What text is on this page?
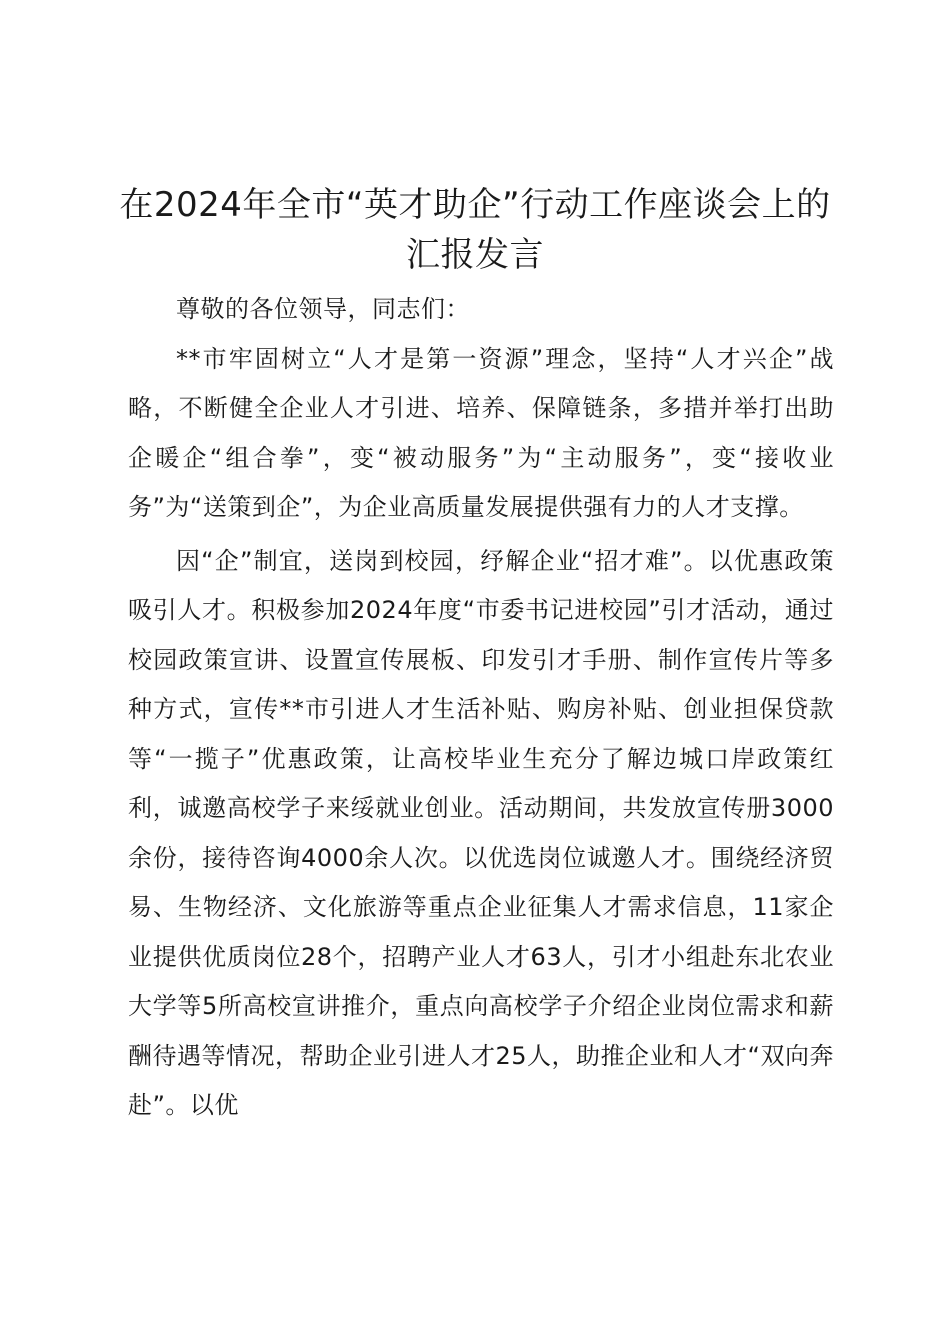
在2024年全市“英才助企”行动工作座谈会上的汇报发言

尊敬的各位领导，同志们：

**市牢固树立“人才是第一资源”理念，坚持“人才兴企”战略，不断健全企业人才引进、培养、保障链条，多措并举打出助企暖企“组合拳”，变“被动服务”为“主动服务”，变“接收业务”为“送策到企”，为企业高质量发展提供强有力的人才支撑。

因“企”制宜，送岗到校园，纾解企业“招才难”。以优惠政策吸引人才。积极参加2024年度“市委书记进校园”引才活动，通过校园政策宣讲、设置宣传展板、印发引才手册、制作宣传片等多种方式，宣传**市引进人才生活补贴、购房补贴、创业担保贷款等“一揽子”优惠政策，让高校毕业生充分了解边城口岸政策红利，诚邀高校学子来绥就业创业。活动期间，共发放宣传册3000余份，接待咨询4000余人次。以优选岗位诚邀人才。围绕经济贸易、生物经济、文化旅游等重点企业征集人才需求信息，11家企业提供优质岗位28个，招聘产业人才63人，引才小组赴东北农业大学等5所高校宣讲推介，重点向高校学子介绍企业岗位需求和薪酬待遇等情况，帮助企业引进人才25人，助推企业和人才“双向奔赴”。以优
